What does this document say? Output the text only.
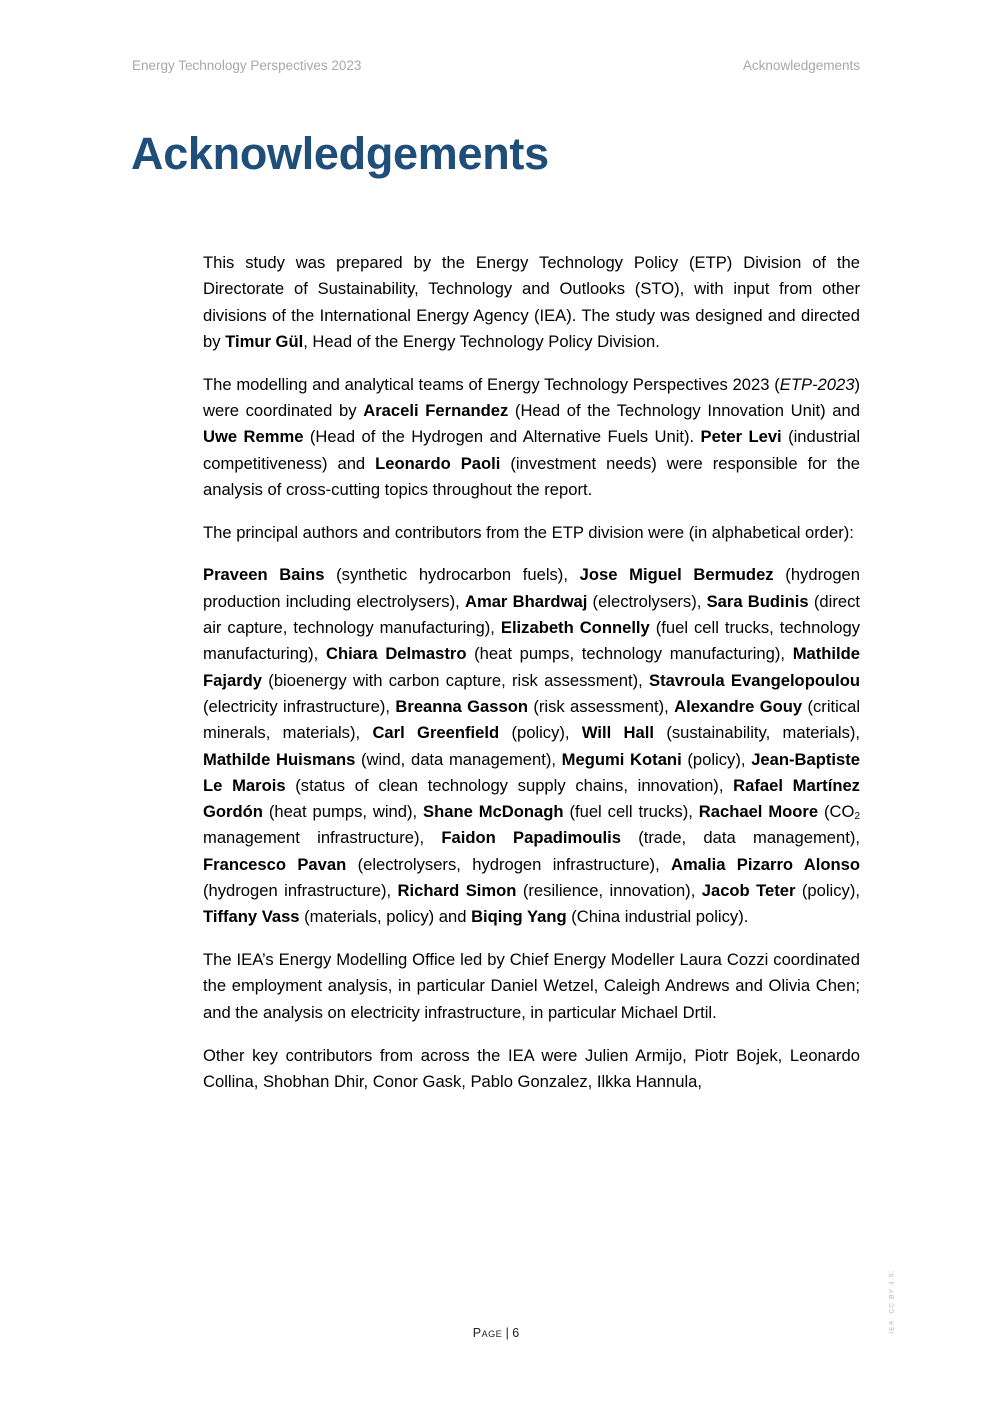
Energy Technology Perspectives 2023	Acknowledgements
Acknowledgements

This study was prepared by the Energy Technology Policy (ETP) Division of the Directorate of Sustainability, Technology and Outlooks (STO), with input from other divisions of the International Energy Agency (IEA). The study was designed and directed by Timur Gül, Head of the Energy Technology Policy Division.

The modelling and analytical teams of Energy Technology Perspectives 2023 (ETP-2023) were coordinated by Araceli Fernandez (Head of the Technology Innovation Unit) and Uwe Remme (Head of the Hydrogen and Alternative Fuels Unit). Peter Levi (industrial competitiveness) and Leonardo Paoli (investment needs) were responsible for the analysis of cross-cutting topics throughout the report.

The principal authors and contributors from the ETP division were (in alphabetical order):

Praveen Bains (synthetic hydrocarbon fuels), Jose Miguel Bermudez (hydrogen production including electrolysers), Amar Bhardwaj (electrolysers), Sara Budinis (direct air capture, technology manufacturing), Elizabeth Connelly (fuel cell trucks, technology manufacturing), Chiara Delmastro (heat pumps, technology manufacturing), Mathilde Fajardy (bioenergy with carbon capture, risk assessment), Stavroula Evangelopoulou (electricity infrastructure), Breanna Gasson (risk assessment), Alexandre Gouy (critical minerals, materials), Carl Greenfield (policy), Will Hall (sustainability, materials), Mathilde Huismans (wind, data management), Megumi Kotani (policy), Jean-Baptiste Le Marois (status of clean technology supply chains, innovation), Rafael Martínez Gordón (heat pumps, wind), Shane McDonagh (fuel cell trucks), Rachael Moore ($CO_2$ management infrastructure), Faidon Papadimoulis (trade, data management), Francesco Pavan (electrolysers, hydrogen infrastructure), Amalia Pizarro Alonso (hydrogen infrastructure), Richard Simon (resilience, innovation), Jacob Teter (policy), Tiffany Vass (materials, policy) and Biqing Yang (China industrial policy).

The IEA’s Energy Modelling Office led by Chief Energy Modeller Laura Cozzi coordinated the employment analysis, in particular Daniel Wetzel, Caleigh Andrews and Olivia Chen; and the analysis on electricity infrastructure, in particular Michael Drtil.

Other key contributors from across the IEA were Julien Armijo, Piotr Bojek, Leonardo Collina, Shobhan Dhir, Conor Gask, Pablo Gonzalez, Ilkka Hannula,

Page | 6	IEA. CC BY 4.0.
